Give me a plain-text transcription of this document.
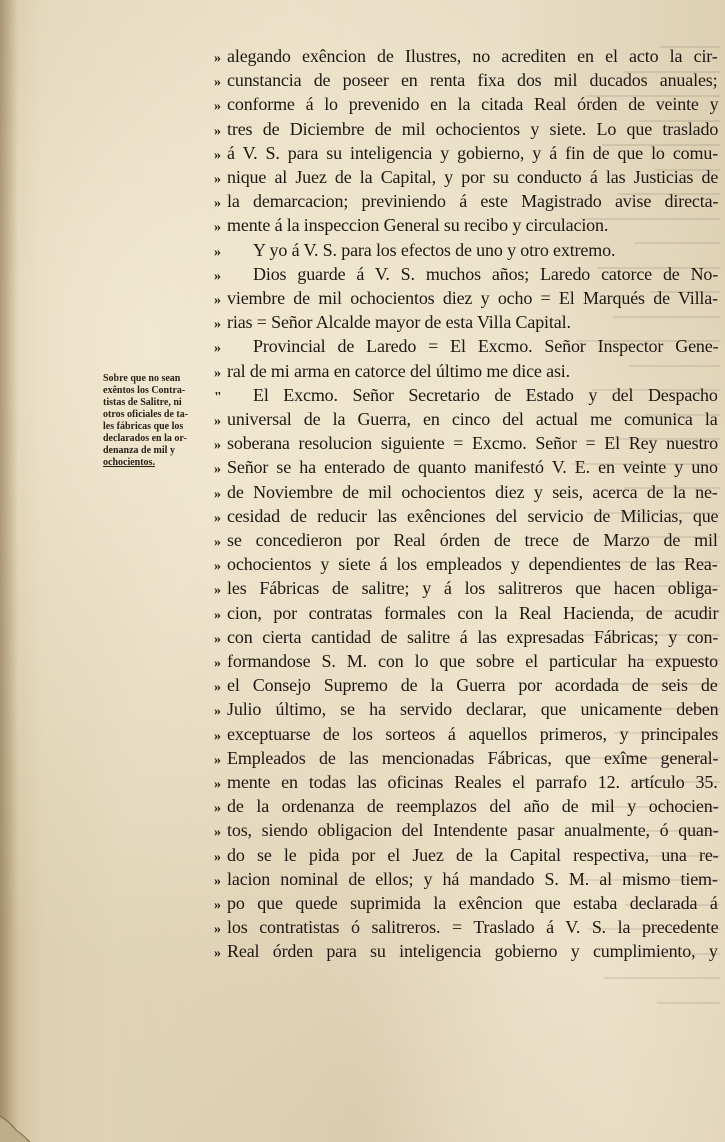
Sobre que no sean
exêntos los Contra-
tistas de Salitre, ni
otros oficiales de ta-
les fábricas que los
declarados en la or-
denanza de mil y
ochocientos.
» alegando exêncion de Ilustres, no acrediten en el acto la cir-
» cunstancia de poseer en renta fixa dos mil ducados anuales;
» conforme á lo prevenido en la citada Real órden de veinte y
» tres de Diciembre de mil ochocientos y siete. Lo que traslado
» á V. S. para su inteligencia y gobierno, y á fin de que lo comu-
» nique al Juez de la Capital, y por su conducto á las Justicias de
» la demarcacion; previniendo á este Magistrado avise directa-
» mente á la inspeccion General su recibo y circulacion.
» Y yo á V. S. para los efectos de uno y otro extremo.
» Dios guarde á V. S. muchos años; Laredo catorce de No-
» viembre de mil ochocientos diez y ocho = El Marqués de Villa-
» rias = Señor Alcalde mayor de esta Villa Capital.
» Provincial de Laredo = El Excmo. Señor Inspector Gene-
» ral de mi arma en catorce del último me dice asi.
" El Excmo. Señor Secretario de Estado y del Despacho
» universal de la Guerra, en cinco del actual me comunica la
» soberana resolucion siguiente = Excmo. Señor = El Rey nuestro
» Señor se ha enterado de quanto manifestó V. E. en veinte y uno
» de Noviembre de mil ochocientos diez y seis, acerca de la ne-
» cesidad de reducir las exênciones del servicio de Milicias, que
» se concedieron por Real órden de trece de Marzo de mil
» ochocientos y siete á los empleados y dependientes de las Rea-
» les Fábricas de salitre; y á los salitreros que hacen obliga-
» cion, por contratas formales con la Real Hacienda, de acudir
» con cierta cantidad de salitre á las expresadas Fábricas; y con-
» formandose S. M. con lo que sobre el particular ha expuesto
» el Consejo Supremo de la Guerra por acordada de seis de
» Julio último, se ha servido declarar, que unicamente deben
» exceptuarse de los sorteos á aquellos primeros, y principales
» Empleados de las mencionadas Fábricas, que exîme general-
» mente en todas las oficinas Reales el parrafo 12. artículo 35.
» de la ordenanza de reemplazos del año de mil y ochocien-
» tos, siendo obligacion del Intendente pasar anualmente, ó quan-
» do se le pida por el Juez de la Capital respectiva, una re-
» lacion nominal de ellos; y há mandado S. M. al mismo tiem-
» po que quede suprimida la exêncion que estaba declarada á
» los contratistas ó salitreros. = Traslado á V. S. la precedente
» Real órden para su inteligencia gobierno y cumplimiento, y
